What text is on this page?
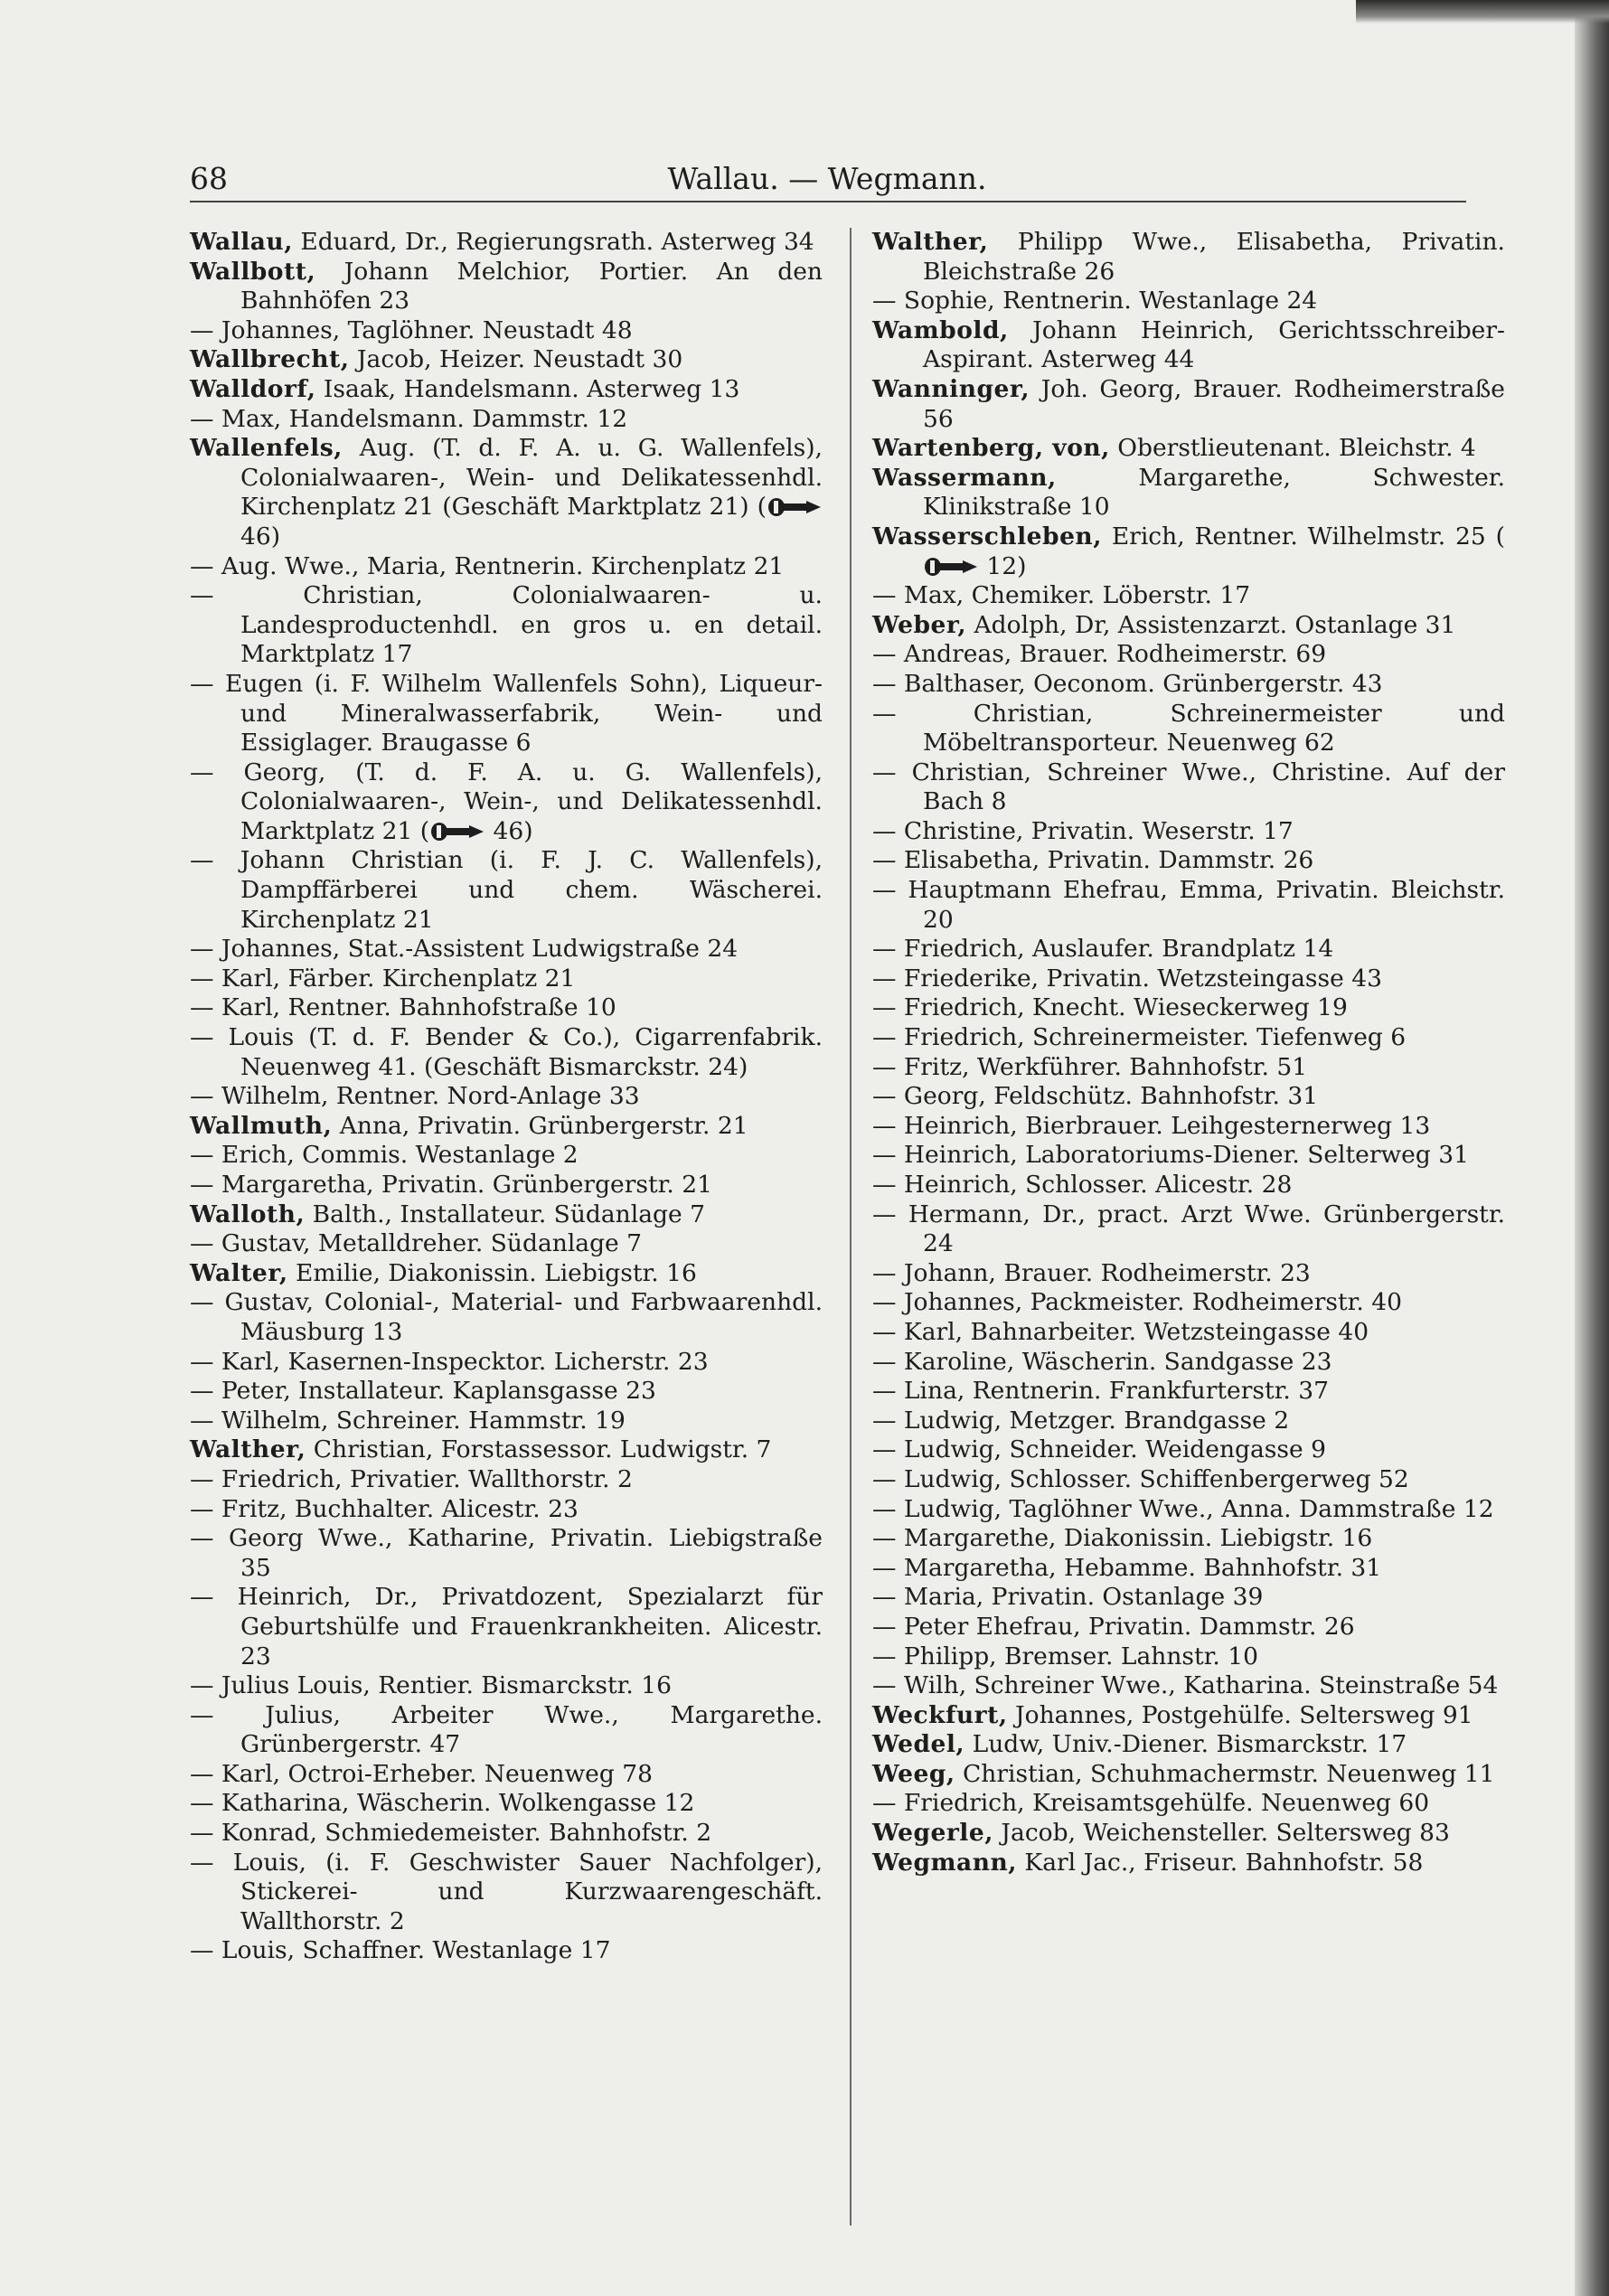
68	Wallau. — Wegmann.
Wallau, Eduard, Dr., Regierungsrath. Asterweg 34
Wallbott, Johann Melchior, Portier. An den Bahnhöfen 23
— Johannes, Taglöhner. Neustadt 48
Wallbrecht, Jacob, Heizer. Neustadt 30
Walldorf, Isaak, Handelsmann. Asterweg 13
— Max, Handelsmann. Dammstr. 12
Wallenfels, Aug. (T. d. F. A. u. G. Wallenfels), Colonialwaaren-, Wein- und Delikatessenhdl. Kirchenplatz 21 (Geschäft Marktplatz 21) ( 46)
— Aug. Wwe., Maria, Rentnerin. Kirchenplatz 21
— Christian, Colonialwaaren- u. Landesproductenhdl. en gros u. en detail. Marktplatz 17
— Eugen (i. F. Wilhelm Wallenfels Sohn), Liqueur- und Mineralwasserfabrik, Wein- und Essiglager. Braugasse 6
— Georg, (T. d. F. A. u. G. Wallenfels), Colonialwaaren-, Wein-, und Delikatessenhdl. Marktplatz 21 ( 46)
— Johann Christian (i. F. J. C. Wallenfels), Dampffärberei und chem. Wäscherei. Kirchenplatz 21
— Johannes, Stat.-Assistent Ludwigstraße 24
— Karl, Färber. Kirchenplatz 21
— Karl, Rentner. Bahnhofstraße 10
— Louis (T. d. F. Bender & Co.), Cigarrenfabrik. Neuenweg 41. (Geschäft Bismarckstr. 24)
— Wilhelm, Rentner. Nord-Anlage 33
Wallmuth, Anna, Privatin. Grünbergerstr. 21
— Erich, Commis. Westanlage 2
— Margaretha, Privatin. Grünbergerstr. 21
Walloth, Balth., Installateur. Südanlage 7
— Gustav, Metalldreher. Südanlage 7
Walter, Emilie, Diakonissin. Liebigstr. 16
— Gustav, Colonial-, Material- und Farbwaarenhdl. Mäusburg 13
— Karl, Kasernen-Inspecktor. Licherstr. 23
— Peter, Installateur. Kaplansgasse 23
— Wilhelm, Schreiner. Hammstr. 19
Walther, Christian, Forstassessor. Ludwigstr. 7
— Friedrich, Privatier. Wallthorstr. 2
— Fritz, Buchhalter. Alicestr. 23
— Georg Wwe., Katharine, Privatin. Liebigstraße 35
— Heinrich, Dr., Privatdozent, Spezialarzt für Geburtshülfe und Frauenkrankheiten. Alicestr. 23
— Julius Louis, Rentier. Bismarckstr. 16
— Julius, Arbeiter Wwe., Margarethe. Grünbergerstr. 47
— Karl, Octroi-Erheber. Neuenweg 78
— Katharina, Wäscherin. Wolkengasse 12
— Konrad, Schmiedemeister. Bahnhofstr. 2
— Louis, (i. F. Geschwister Sauer Nachfolger), Stickerei- und Kurzwaarengeschäft. Wallthorstr. 2
— Louis, Schaffner. Westanlage 17
Walther, Philipp Wwe., Elisabetha, Privatin. Bleichstraße 26
— Sophie, Rentnerin. Westanlage 24
Wambold, Johann Heinrich, Gerichtsschreiber-Aspirant. Asterweg 44
Wanninger, Joh. Georg, Brauer. Rodheimerstraße 56
Wartenberg, von, Oberstlieutenant. Bleichstr. 4
Wassermann,	Margarethe, Schwester. Klinikstraße 10
Wasserschleben, Erich, Rentner. Wilhelmstr. 25 ( 12)
— Max, Chemiker. Löberstr. 17
Weber, Adolph, Dr, Assistenzarzt. Ostanlage 31
— Andreas, Brauer. Rodheimerstr. 69
— Balthaser, Oeconom. Grünbergerstr. 43
— Christian, Schreinermeister und Möbeltransporteur. Neuenweg 62
— Christian, Schreiner Wwe., Christine. Auf der Bach 8
— Christine, Privatin. Weserstr. 17
— Elisabetha, Privatin. Dammstr. 26
— Hauptmann Ehefrau, Emma, Privatin. Bleichstr. 20
— Friedrich, Auslaufer. Brandplatz 14
— Friederike, Privatin. Wetzsteingasse 43
— Friedrich, Knecht. Wieseckerweg 19
— Friedrich, Schreinermeister. Tiefenweg 6
— Fritz, Werkführer. Bahnhofstr. 51
— Georg, Feldschütz. Bahnhofstr. 31
— Heinrich, Bierbrauer. Leihgesternerweg 13
— Heinrich, Laboratoriums-Diener. Selterweg 31
— Heinrich, Schlosser. Alicestr. 28
— Hermann, Dr., pract. Arzt Wwe. Grünbergerstr. 24
— Johann, Brauer. Rodheimerstr. 23
— Johannes, Packmeister. Rodheimerstr. 40
— Karl, Bahnarbeiter. Wetzsteingasse 40
— Karoline, Wäscherin. Sandgasse 23
— Lina, Rentnerin. Frankfurterstr. 37
— Ludwig, Metzger. Brandgasse 2
— Ludwig, Schneider. Weidengasse 9
— Ludwig, Schlosser. Schiffenbergerweg 52
— Ludwig, Taglöhner Wwe., Anna. Dammstraße 12
— Margarethe, Diakonissin. Liebigstr. 16
— Margaretha, Hebamme. Bahnhofstr. 31
— Maria, Privatin. Ostanlage 39
— Peter Ehefrau, Privatin. Dammstr. 26
— Philipp, Bremser. Lahnstr. 10
— Wilh, Schreiner Wwe., Katharina. Steinstraße 54
Weckfurt, Johannes, Postgehülfe. Seltersweg 91
Wedel, Ludw, Univ.-Diener. Bismarckstr. 17
Weeg, Christian, Schuhmachermstr. Neuenweg 11
— Friedrich, Kreisamtsgehülfe. Neuenweg 60
Wegerle, Jacob, Weichensteller. Seltersweg 83
Wegmann, Karl Jac., Friseur. Bahnhofstr. 58
